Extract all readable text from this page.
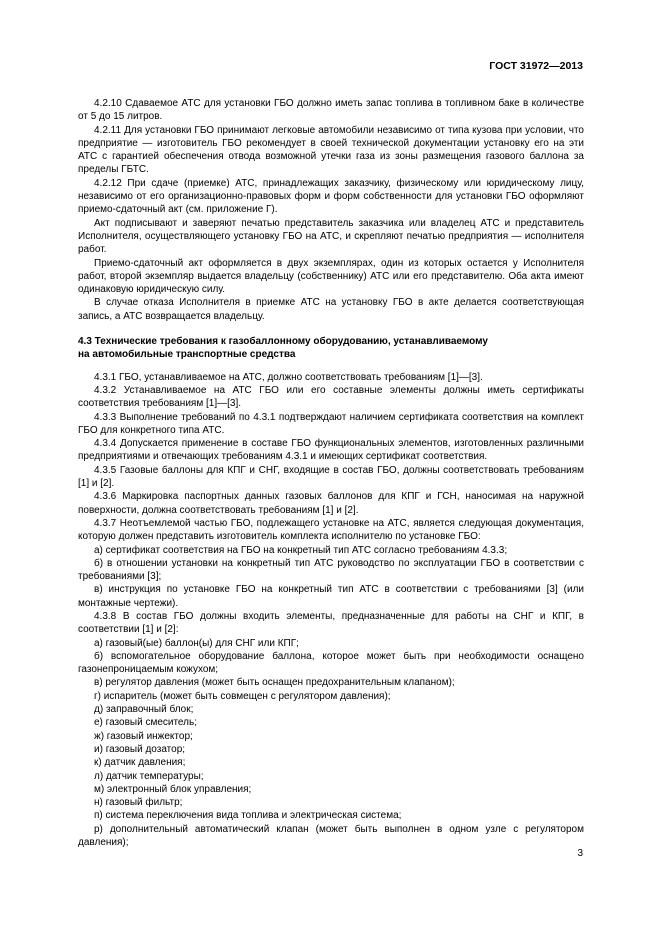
ГОСТ 31972—2013

4.2.10 Сдаваемое АТС для установки ГБО должно иметь запас топлива в топливном баке в количестве от 5 до 15 литров.

4.2.11 Для установки ГБО принимают легковые автомобили независимо от типа кузова при условии, что предприятие — изготовитель ГБО рекомендует в своей технической документации установку его на эти АТС с гарантией обеспечения отвода возможной утечки газа из зоны размещения газового баллона за пределы ГБТС.

4.2.12 При сдаче (приемке) АТС, принадлежащих заказчику, физическому или юридическому лицу, независимо от его организационно-правовых форм и форм собственности для установки ГБО оформляют приемо-сдаточный акт (см. приложение Г).

Акт подписывают и заверяют печатью представитель заказчика или владелец АТС и представитель Исполнителя, осуществляющего установку ГБО на АТС, и скрепляют печатью предприятия — исполнителя работ.

Приемо-сдаточный акт оформляется в двух экземплярах, один из которых остается у Исполнителя работ, второй экземпляр выдается владельцу (собственнику) АТС или его представителю. Оба акта имеют одинаковую юридическую силу.

В случае отказа Исполнителя в приемке АТС на установку ГБО в акте делается соответствующая запись, а АТС возвращается владельцу.

4.3 Технические требования к газобаллонному оборудованию, устанавливаемому
на автомобильные транспортные средства

4.3.1 ГБО, устанавливаемое на АТС, должно соответствовать требованиям [1]—[3].

4.3.2 Устанавливаемое на АТС ГБО или его составные элементы должны иметь сертификаты соответствия требованиям [1]—[3].

4.3.3 Выполнение требований по 4.3.1 подтверждают наличием сертификата соответствия на комплект ГБО для конкретного типа АТС.

4.3.4 Допускается применение в составе ГБО функциональных элементов, изготовленных различными предприятиями и отвечающих требованиям 4.3.1 и имеющих сертификат соответствия.

4.3.5 Газовые баллоны для КПГ и СНГ, входящие в состав ГБО, должны соответствовать требованиям [1] и [2].

4.3.6 Маркировка паспортных данных газовых баллонов для КПГ и ГСН, наносимая на наружной поверхности, должна соответствовать требованиям [1] и [2].

4.3.7 Неотъемлемой частью ГБО, подлежащего установке на АТС, является следующая документация, которую должен представить изготовитель комплекта исполнителю по установке ГБО:

а) сертификат соответствия на ГБО на конкретный тип АТС согласно требованиям 4.3.3;

б) в отношении установки на конкретный тип АТС руководство по эксплуатации ГБО в соответствии с требованиями [3];

в) инструкция по установке ГБО на конкретный тип АТС в соответствии с требованиями [3] (или монтажные чертежи).

4.3.8 В состав ГБО должны входить элементы, предназначенные для работы на СНГ и КПГ, в соответствии [1] и [2]:

а) газовый(ые) баллон(ы) для СНГ или КПГ;

б) вспомогательное оборудование баллона, которое может быть при необходимости оснащено газонепроницаемым кожухом;

в) регулятор давления (может быть оснащен предохранительным клапаном);

г) испаритель (может быть совмещен с регулятором давления);

д) заправочный блок;

е) газовый смеситель;

ж) газовый инжектор;

и) газовый дозатор;

к) датчик давления;

л) датчик температуры;

м) электронный блок управления;

н) газовый фильтр;

п) система переключения вида топлива и электрическая система;

р) дополнительный автоматический клапан (может быть выполнен в одном узле с регулятором давления);

3
